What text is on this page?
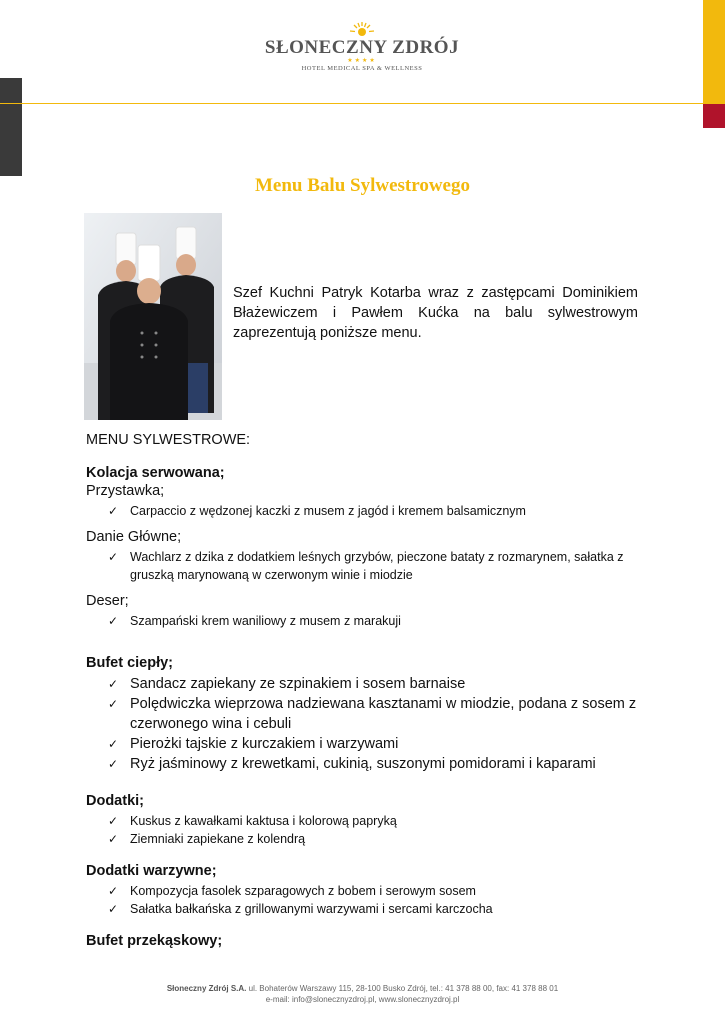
SŁONECZNY ZDRÓJ
★★★★
HOTEL MEDICAL SPA & WELLNESS
Menu Balu Sylwestrowego
Szef Kuchni Patryk Kotarba wraz z zastępcami Dominikiem Błażewiczem i Pawłem Kućka na balu sylwestrowym zaprezentują poniższe menu.
MENU SYLWESTROWE:
Kolacja serwowana;
Przystawka;
✓ Carpaccio z wędzonej kaczki z musem z jagód i kremem balsamicznym
Danie Główne;
✓ Wachlarz z dzika z dodatkiem leśnych grzybów, pieczone bataty z rozmarynem, sałatka z gruszką marynowaną w czerwonym winie i miodzie
Deser;
✓ Szampański krem waniliowy z musem z marakuji
Bufet ciepły;
✓ Sandacz zapiekany ze szpinakiem i sosem barnaise
✓ Polędwiczka wieprzowa nadziewana kasztanami w miodzie, podana z sosem z czerwonego wina i cebuli
✓ Pierożki tajskie z kurczakiem i warzywami
✓ Ryż jaśminowy z krewetkami, cukinią, suszonymi pomidorami i kaparami
Dodatki;
✓ Kuskus z kawałkami kaktusa i kolorową papryką
✓ Ziemniaki zapiekane z kolendrą
Dodatki warzywne;
✓ Kompozycja fasolek szparagowych z bobem i serowym sosem
✓ Sałatka bałkańska z grillowanymi warzywami i sercami karczocha
Bufet przekąskowy;
Słoneczny Zdrój S.A. ul. Bohaterów Warszawy 115, 28-100 Busko Zdrój, tel.: 41 378 88 00, fax: 41 378 88 01
e-mail: info@slonecznyzdroj.pl, www.slonecznyzdroj.pl
